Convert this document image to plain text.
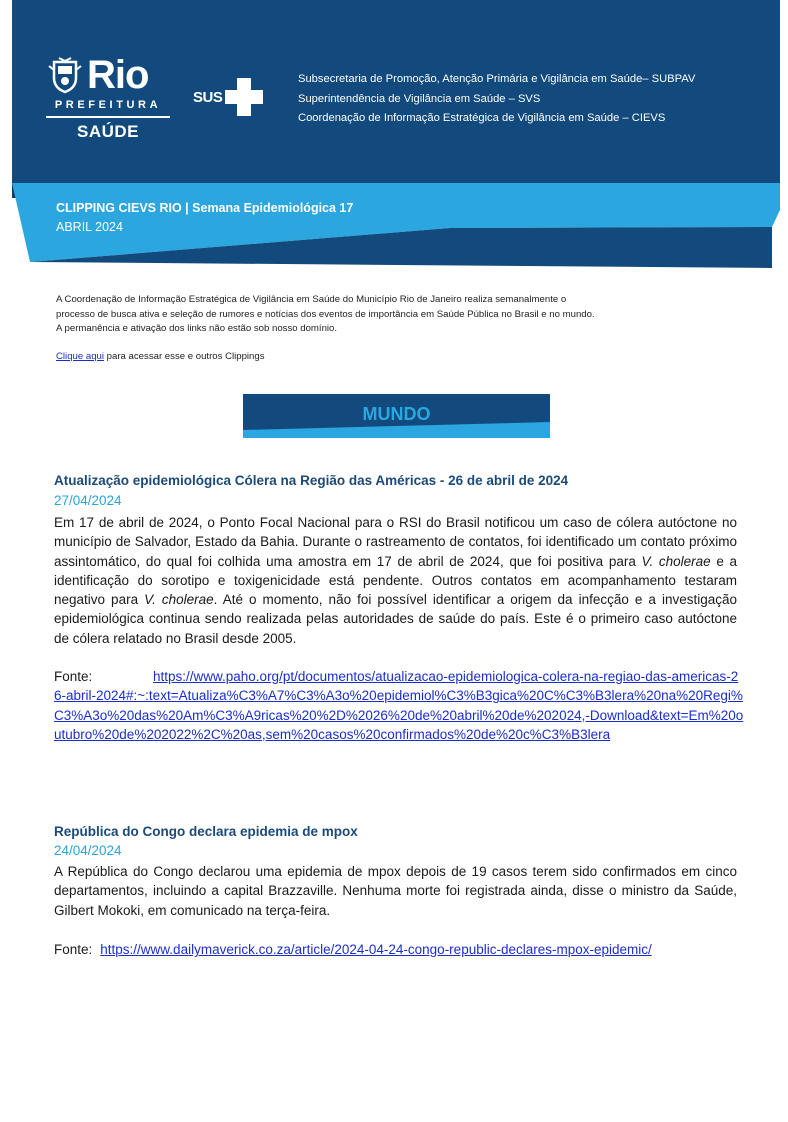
Rio
PREFEITURA
SAÚDE
SUS
Subsecretaria de Promoção, Atenção Primária e Vigilância em Saúde– SUBPAV
Superintendência de Vigilância em Saúde – SVS
Coordenação de Informação Estratégica de Vigilância em Saúde – CIEVS
CLIPPING CIEVS RIO | Semana Epidemiológica 17
ABRIL 2024
A Coordenação de Informação Estratégica de Vigilância em Saúde do Município Rio de Janeiro realiza semanalmente o processo de busca ativa e seleção de rumores e notícias dos eventos de importância em Saúde Pública no Brasil e no mundo. A permanência e ativação dos links não estão sob nosso domínio.
Clique aqui para acessar esse e outros Clippings
MUNDO
Atualização epidemiológica Cólera na Região das Américas - 26 de abril de 2024
27/04/2024
Em 17 de abril de 2024, o Ponto Focal Nacional para o RSI do Brasil notificou um caso de cólera autóctone no município de Salvador, Estado da Bahia. Durante o rastreamento de contatos, foi identificado um contato próximo assintomático, do qual foi colhida uma amostra em 17 de abril de 2024, que foi positiva para V. cholerae e a identificação do sorotipo e toxigenicidade está pendente. Outros contatos em acompanhamento testaram negativo para V. cholerae. Até o momento, não foi possível identificar a origem da infecção e a investigação epidemiológica continua sendo realizada pelas autoridades de saúde do país. Este é o primeiro caso autóctone de cólera relatado no Brasil desde 2005.
Fonte:	https://www.paho.org/pt/documentos/atualizacao-epidemiologica-colera-na-regiao-das-americas-26-abril-2024#:~:text=Atualiza%C3%A7%C3%A3o%20epidemiol%C3%B3gica%20C%C3%B3lera%20na%20Regi%C3%A3o%20das%20Am%C3%A9ricas%20%2D%2026%20de%20abril%20de%202024,-Download&text=Em%20outubro%20de%202022%2C%20as,sem%20casos%20confirmados%20de%20c%C3%B3lera
República do Congo declara epidemia de mpox
24/04/2024
A República do Congo declarou uma epidemia de mpox depois de 19 casos terem sido confirmados em cinco departamentos, incluindo a capital Brazzaville. Nenhuma morte foi registrada ainda, disse o ministro da Saúde, Gilbert Mokoki, em comunicado na terça-feira.
Fonte: https://www.dailymaverick.co.za/article/2024-04-24-congo-republic-declares-mpox-epidemic/
